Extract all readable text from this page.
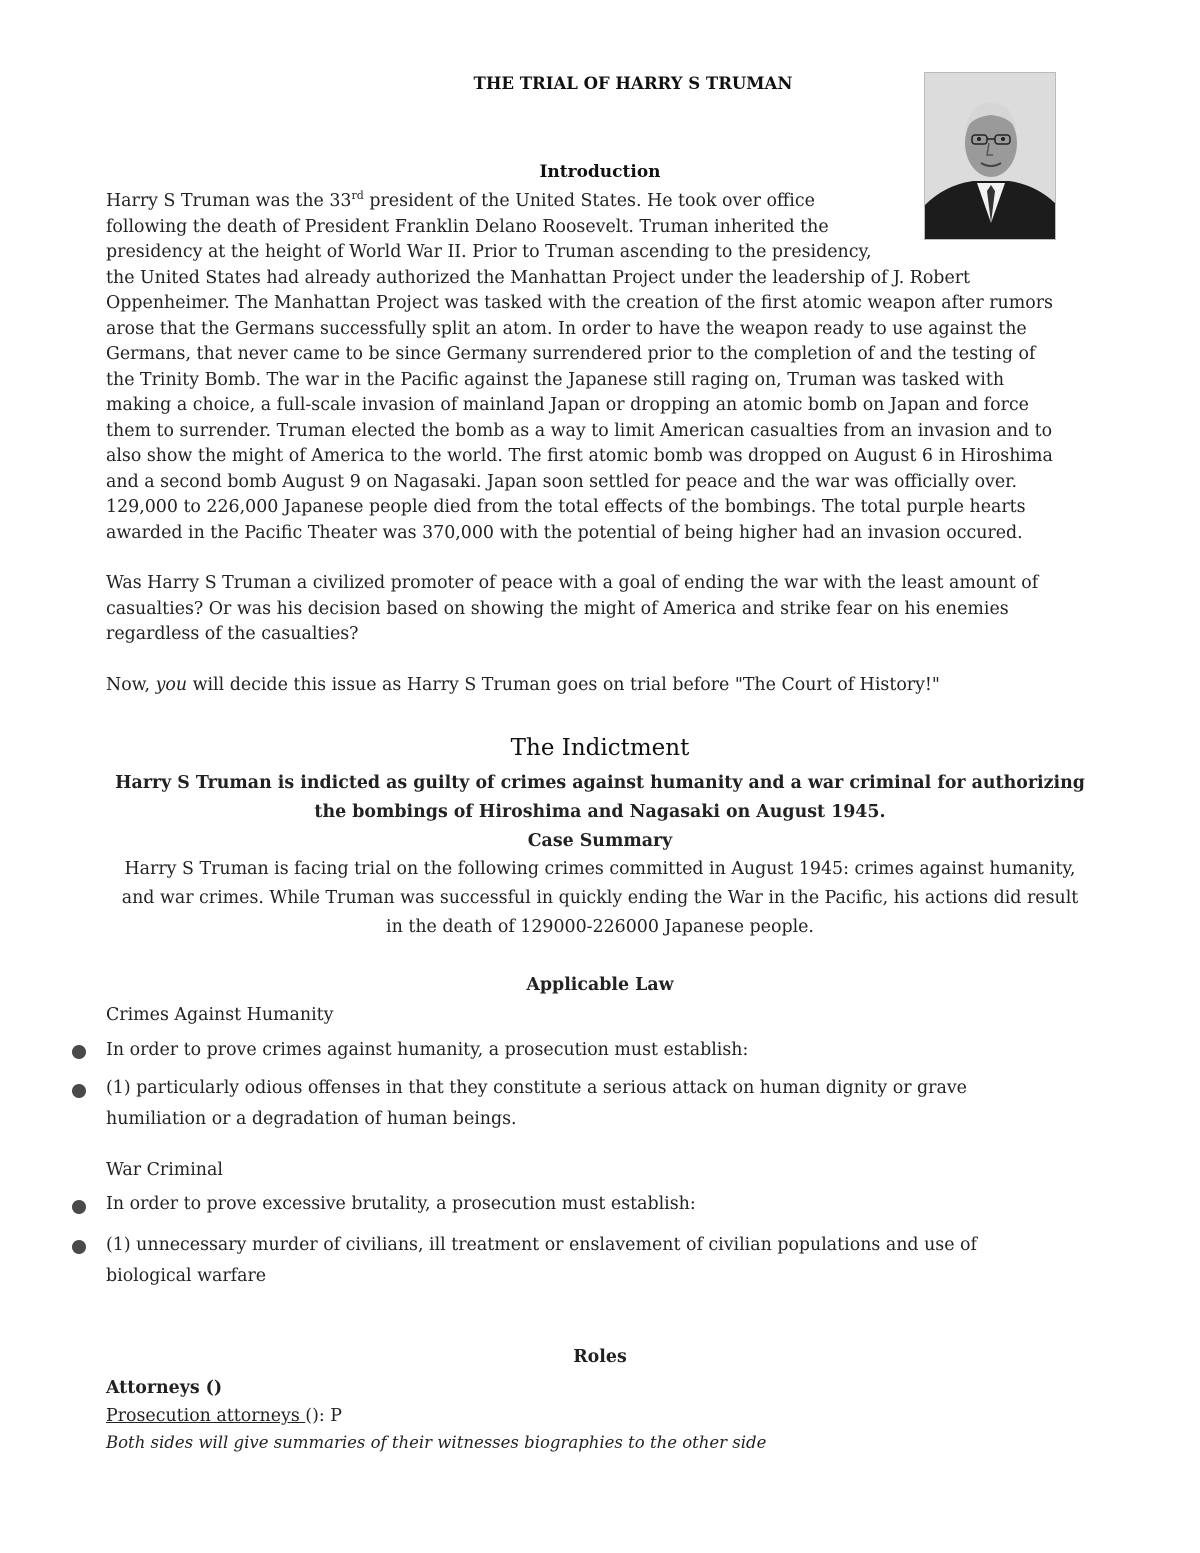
THE TRIAL OF HARRY S TRUMAN
Introduction
Harry S Truman was the 33rd president of the United States. He took over office
following the death of President Franklin Delano Roosevelt. Truman inherited the
presidency at the height of World War II. Prior to Truman ascending to the presidency,
the United States had already authorized the Manhattan Project under the leadership of J. Robert
Oppenheimer. The Manhattan Project was tasked with the creation of the first atomic weapon after rumors
arose that the Germans successfully split an atom. In order to have the weapon ready to use against the
Germans, that never came to be since Germany surrendered prior to the completion of and the testing of
the Trinity Bomb. The war in the Pacific against the Japanese still raging on, Truman was tasked with
making a choice, a full-scale invasion of mainland Japan or dropping an atomic bomb on Japan and force
them to surrender. Truman elected the bomb as a way to limit American casualties from an invasion and to
also show the might of America to the world. The first atomic bomb was dropped on August 6 in Hiroshima
and a second bomb August 9 on Nagasaki. Japan soon settled for peace and the war was officially over.
129,000 to 226,000 Japanese people died from the total effects of the bombings. The total purple hearts
awarded in the Pacific Theater was 370,000 with the potential of being higher had an invasion occured.
Was Harry S Truman a civilized promoter of peace with a goal of ending the war with the least amount of
casualties? Or was his decision based on showing the might of America and strike fear on his enemies
regardless of the casualties?
Now, you will decide this issue as Harry S Truman goes on trial before "The Court of History!"
The Indictment
Harry S Truman is indicted as guilty of crimes against humanity and a war criminal for authorizing
the bombings of Hiroshima and Nagasaki on August 1945.
Case Summary
Harry S Truman is facing trial on the following crimes committed in August 1945: crimes against humanity,
and war crimes. While Truman was successful in quickly ending the War in the Pacific, his actions did result
in the death of 129000-226000 Japanese people.
Applicable Law
Crimes Against Humanity
In order to prove crimes against humanity, a prosecution must establish:
(1) particularly odious offenses in that they constitute a serious attack on human dignity or grave
humiliation or a degradation of human beings.
War Criminal
In order to prove excessive brutality, a prosecution must establish:
(1) unnecessary murder of civilians, ill treatment or enslavement of civilian populations and use of
biological warfare
Roles
Attorneys ()
Prosecution attorneys (): P
Both sides will give summaries of their witnesses biographies to the other side
